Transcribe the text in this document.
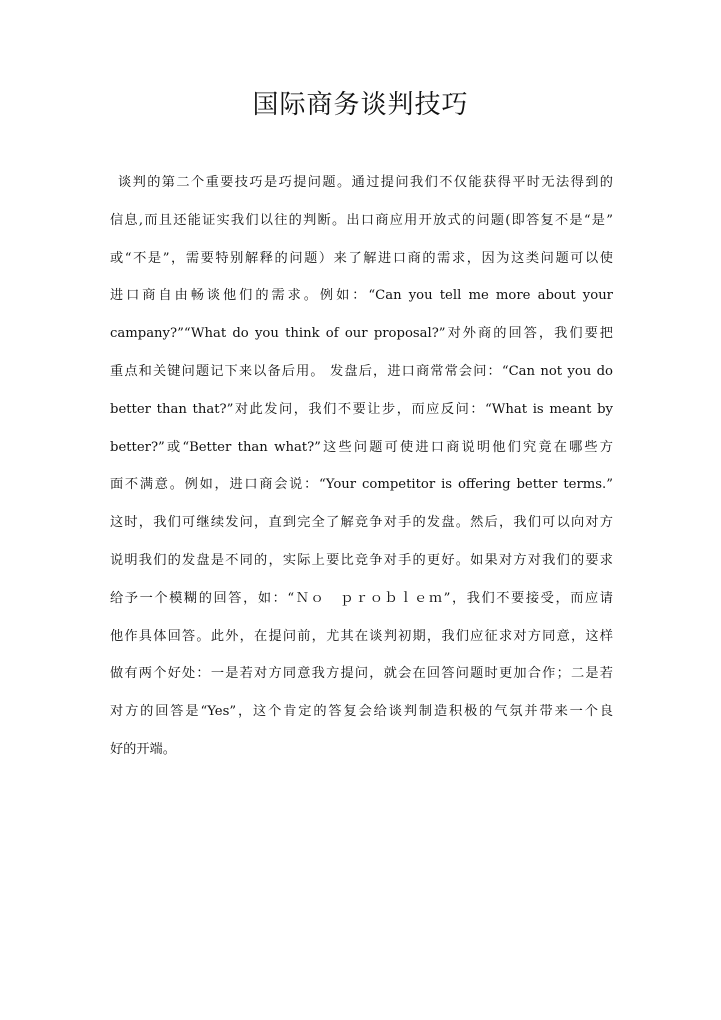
国际商务谈判技巧
谈判的第二个重要技巧是巧提问题。通过提问我们不仅能获得平时无法得到的
信息,而且还能证实我们以往的判断。出口商应用开放式的问题(即答复不是“是”
或“不是”，需要特别解释的问题）来了解进口商的需求，因为这类问题可以使
进口商自由畅谈他们的需求。例如：“Can you tell me more about your
campany?”“What do you think of our proposal?”对外商的回答，我们要把
重点和关键问题记下来以备后用。 发盘后，进口商常常会问：“Can not you do
better than that?”对此发问，我们不要让步，而应反问：“What is meant by
better?”或“Better than what?”这些问题可使进口商说明他们究竟在哪些方
面不满意。例如，进口商会说：“Your competitor is offering better terms.”
这时，我们可继续发问，直到完全了解竞争对手的发盘。然后，我们可以向对方
说明我们的发盘是不同的，实际上要比竞争对手的更好。如果对方对我们的要求
给予一个模糊的回答，如：“Ｎｏ　ｐｒｏｂｌｅｍ”，我们不要接受，而应请
他作具体回答。此外，在提问前，尤其在谈判初期，我们应征求对方同意，这样
做有两个好处：一是若对方同意我方提问，就会在回答问题时更加合作；二是若
对方的回答是“Yes”，这个肯定的答复会给谈判制造积极的气氛并带来一个良
好的开端。
